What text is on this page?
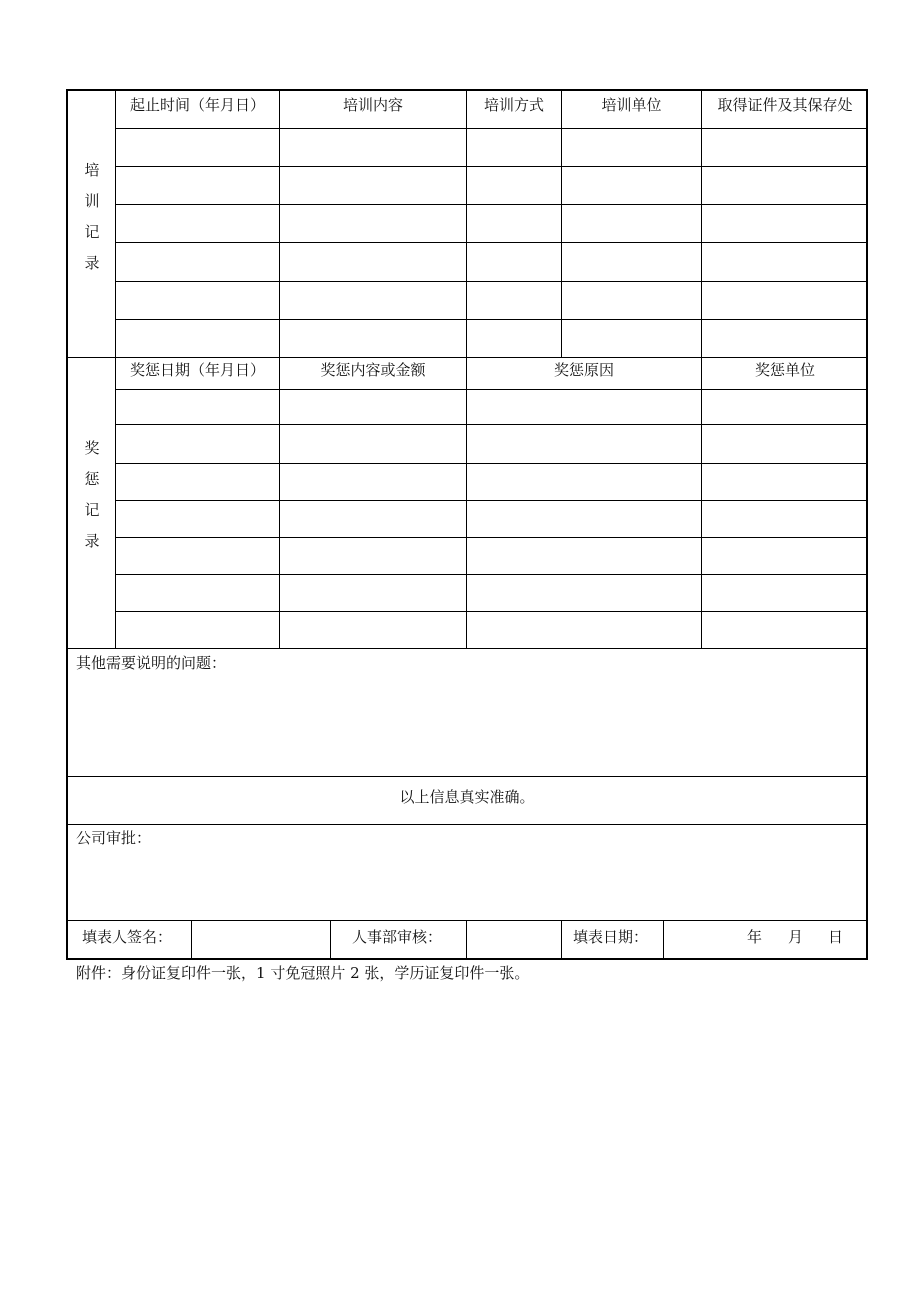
培
训
记
录
起止时间（年月日）	培训内容	培训方式	培训单位	取得证件及其保存处
奖
惩
记
录
奖惩日期（年月日）	奖惩内容或金额	奖惩原因	奖惩单位
其他需要说明的问题：
以上信息真实准确。
公司审批：
填表人签名：	人事部审核：	填表日期：	年 月 日
附件：身份证复印件一张，1 寸免冠照片 2 张，学历证复印件一张。
